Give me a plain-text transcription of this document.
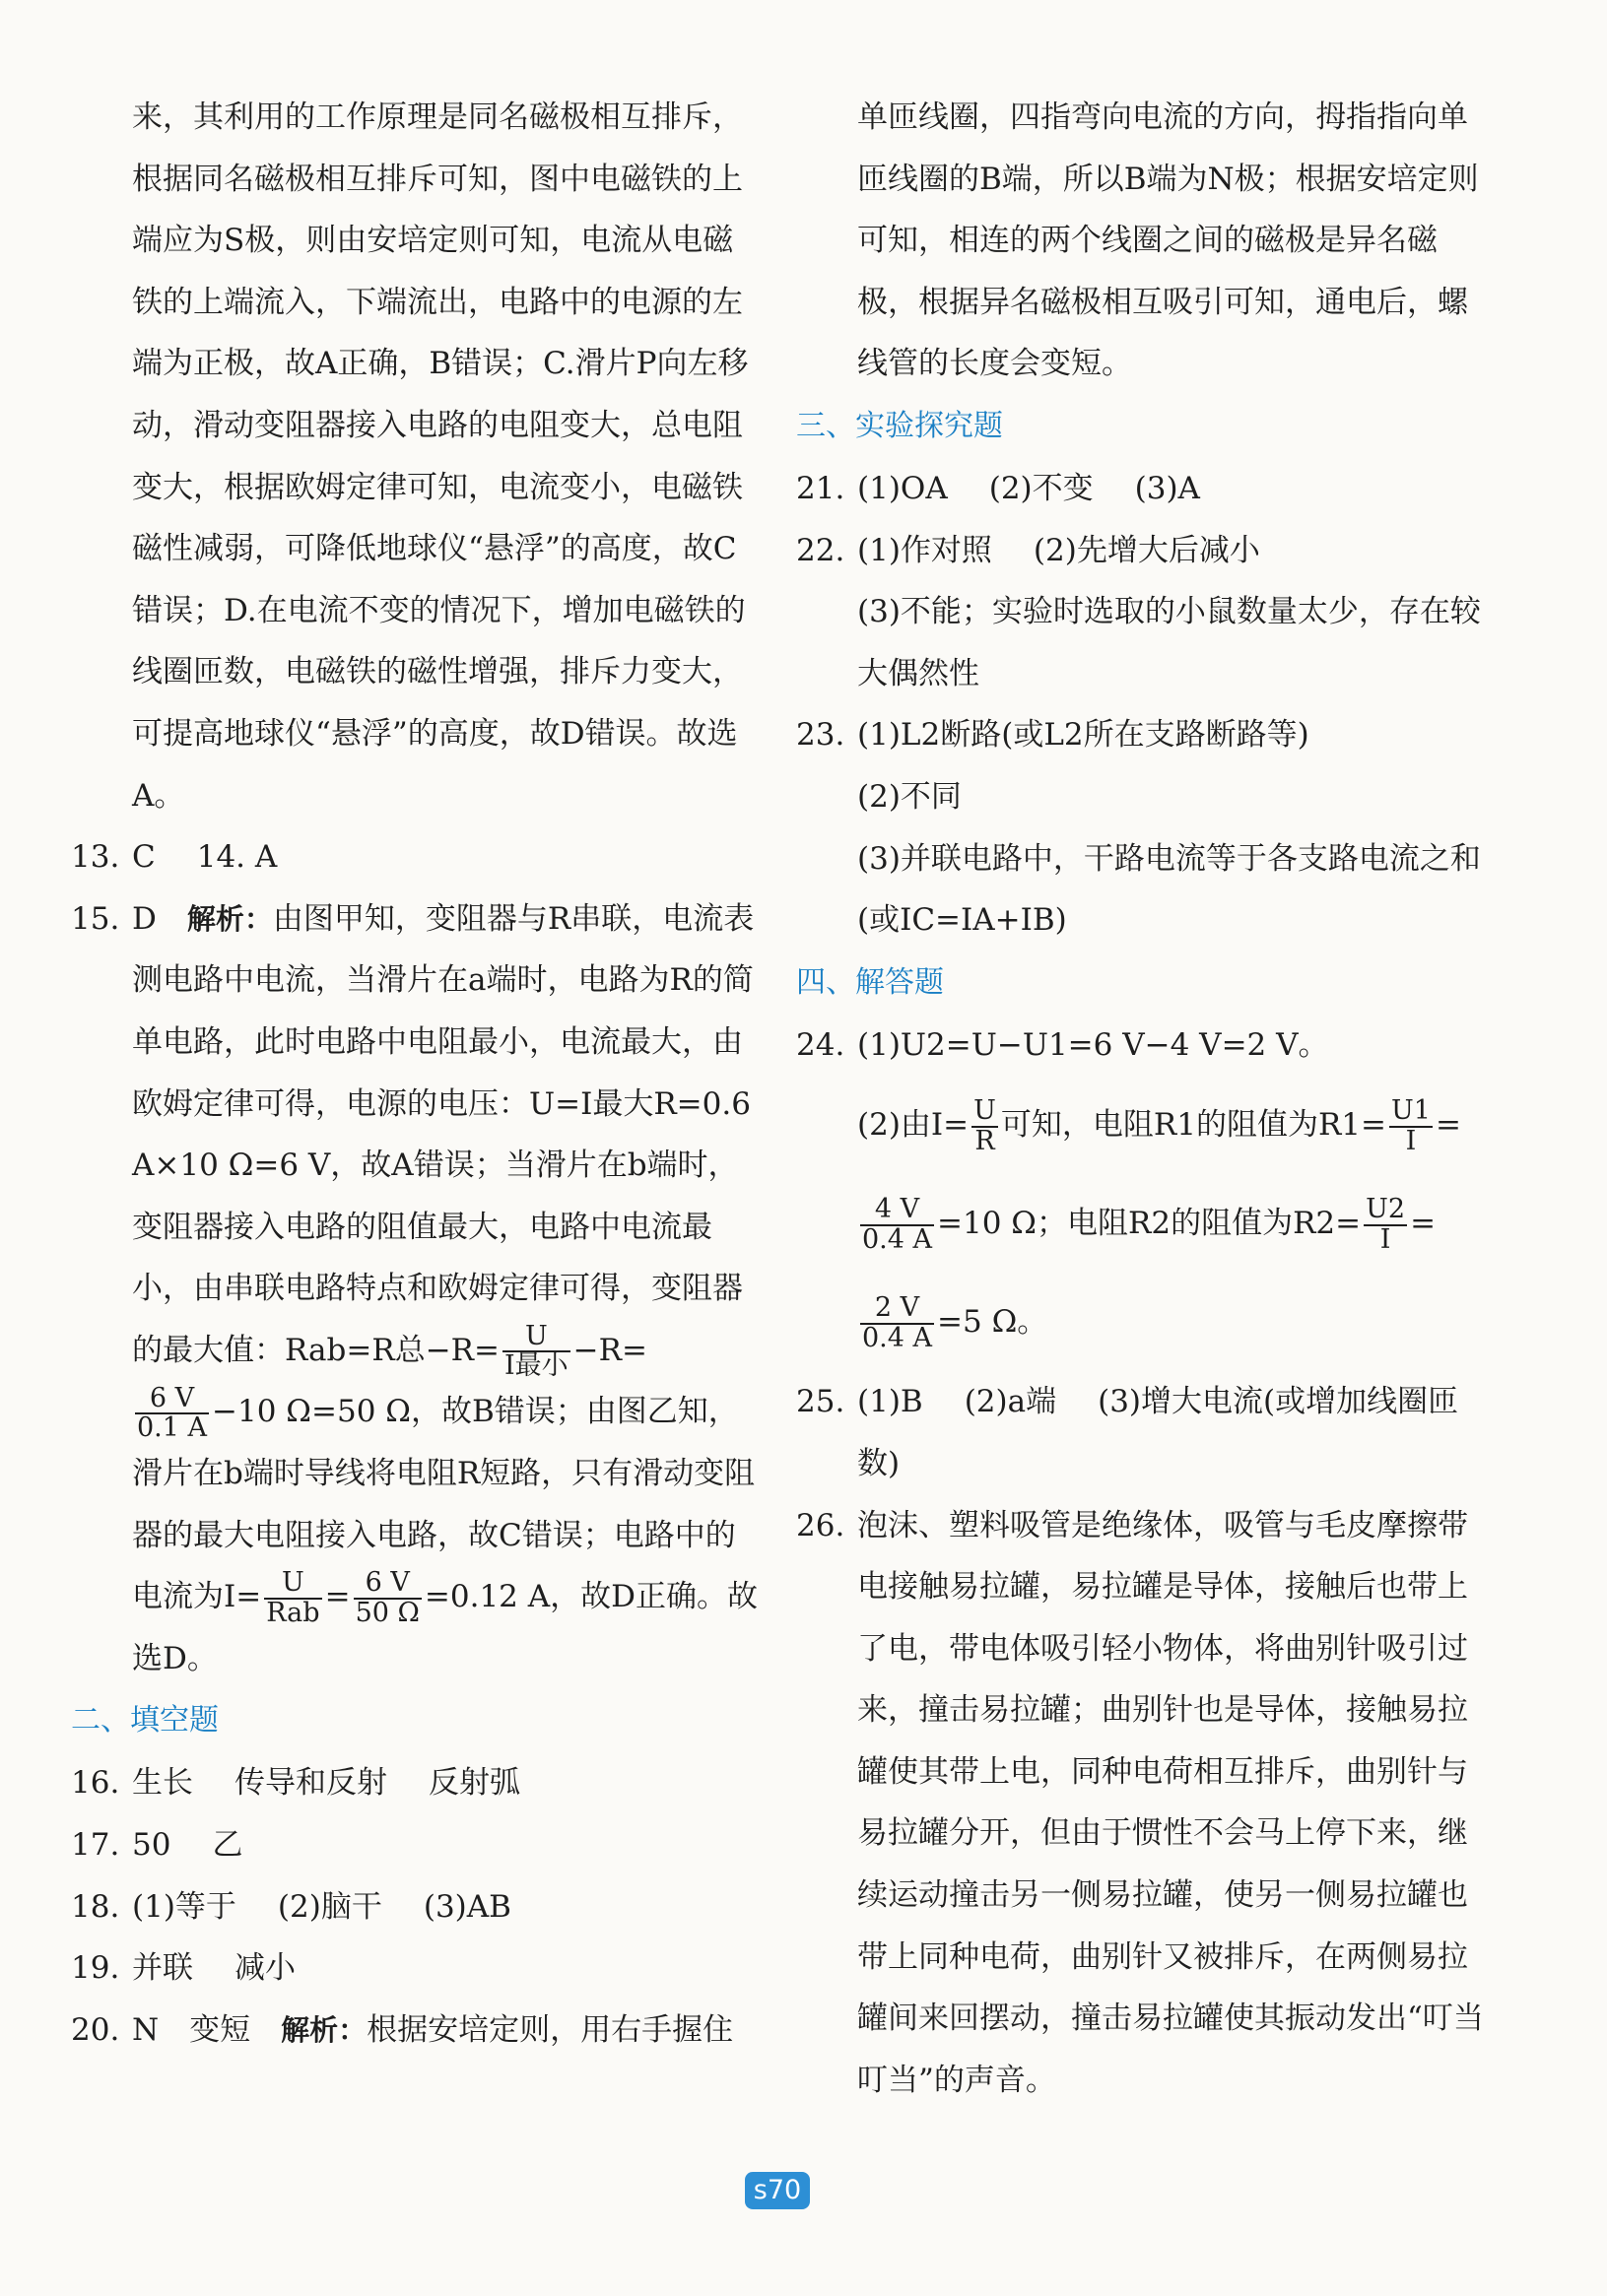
来，其利用的工作原理是同名磁极相互排斥，根据同名磁极相互排斥可知，图中电磁铁的上端应为S极，则由安培定则可知，电流从电磁铁的上端流入，下端流出，电路中的电源的左端为正极，故A正确，B错误；C.滑片P向左移动，滑动变阻器接入电路的电阻变大，总电阻变大，根据欧姆定律可知，电流变小，电磁铁磁性减弱，可降低地球仪“悬浮”的高度，故C错误；D.在电流不变的情况下，增加电磁铁的线圈匝数，电磁铁的磁性增强，排斥力变大，可提高地球仪“悬浮”的高度，故D错误。故选A。
13. C 14. A
15. D　 解析：由图甲知，变阻器与R串联，电流表测电路中电流，当滑片在a端时，电路为R的简单电路，此时电路中电阻最小，电流最大，由欧姆定律可得，电源的电压：U=I最大R=0.6 A×10 Ω=6 V，故A错误；当滑片在b端时，变阻器接入电路的阻值最大，电路中电流最小，由串联电路特点和欧姆定律可得，变阻器的最大值：Rab=R总$-R= \frac{U}{\text{I最小}} -R=$

$\frac{6 V}{0.1 A} -10$ Ω=50 Ω，故B错误；由图乙知，滑片在b端时导线将电阻R短路，只有滑动变阻器的最大电阻接入电路，故C错误；电路中的电流为$I= \frac{U}{\text{Rab}} = \frac{6 V}{50 \Omega} =0.12$ A，故D正确。故选D。
二、填空题
16. 生长 传导和反射 反射弧
17. 50 乙
18. (1)等于 (2)脑干 (3)AB
19. 并联 减小
20. N　 变短　 解析：根据安培定则，用右手握住
单匝线圈，四指弯向电流的方向，拇指指向单匝线圈的B端，所以B端为N极；根据安培定则可知，相连的两个线圈之间的磁极是异名磁极，根据异名磁极相互吸引可知，通电后，螺线管的长度会变短。
三、实验探究题
21. (1)OA (2)不变 (3)A
22. (1)作对照 (2)先增大后减小
(3)不能；实验时选取的小鼠数量太少，存在较大偶然性
23. (1)L2断路(或L2所在支路断路等)
(2)不同
(3)并联电路中，干路电流等于各支路电流之和(或IC=IA+IB)
四、解答题
24. (1)U2=U−U1=6 V−4 V=2 V。
(2)由$I= \frac{U}{R}$ 可知，电阻R1的阻值为$R1= \frac{U1}{I}$ =
$\frac{4 V}{0.4 A} =10$ Ω；电阻R2的阻值为$R2= \frac{U2}{I}$ =
$\frac{2 V}{0.4 A} =5$ Ω。
25. (1)B (2)a端 (3)增大电流(或增加线圈匝数)
26. 泡沫、塑料吸管是绝缘体，吸管与毛皮摩擦带电接触易拉罐，易拉罐是导体，接触后也带上了电，带电体吸引轻小物体，将曲别针吸引过来，撞击易拉罐；曲别针也是导体，接触易拉罐使其带上电，同种电荷相互排斥，曲别针与易拉罐分开，但由于惯性不会马上停下来，继续运动撞击另一侧易拉罐，使另一侧易拉罐也带上同种电荷，曲别针又被排斥，在两侧易拉罐间来回摆动，撞击易拉罐使其振动发出“叮当叮当”的声音。
s70
